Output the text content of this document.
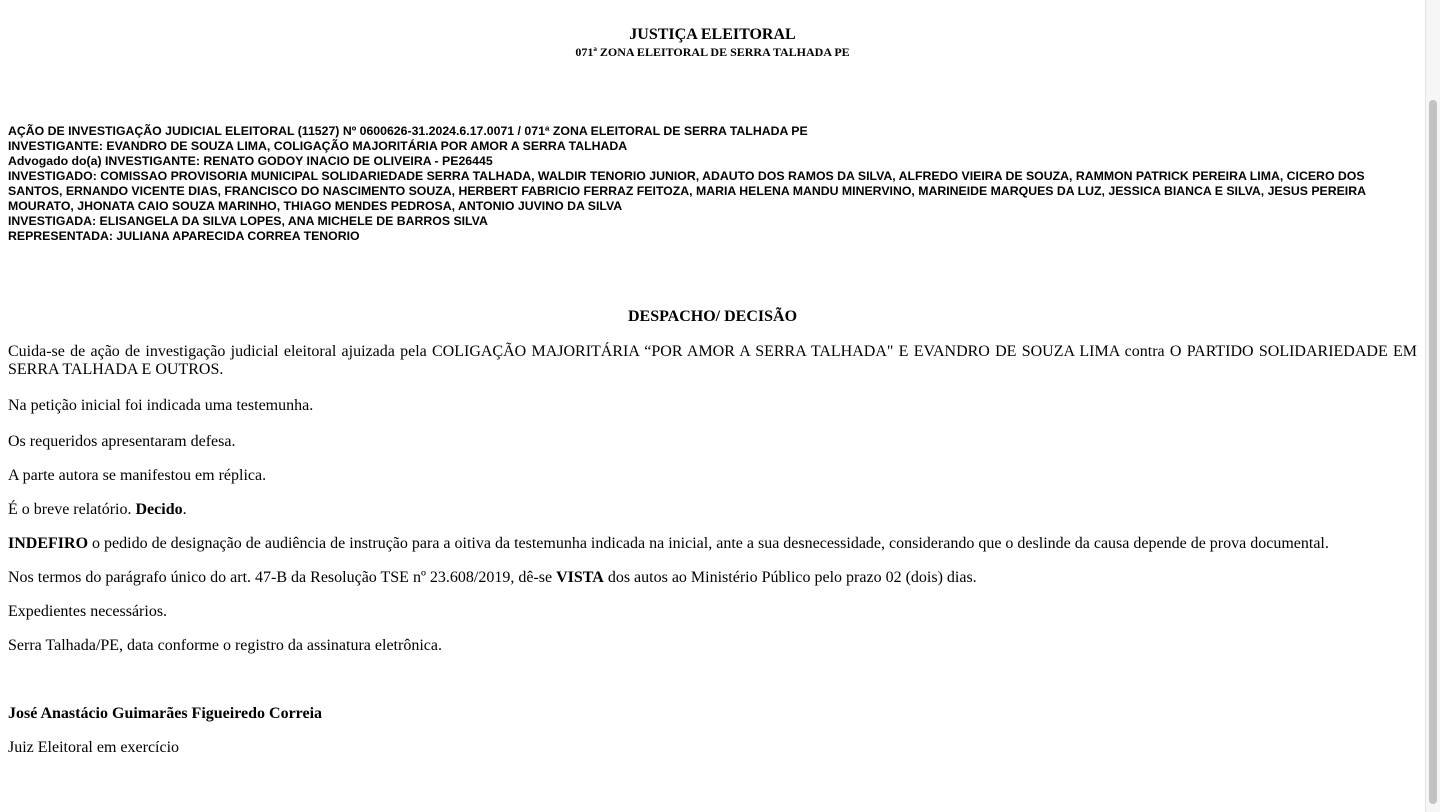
JUSTIÇA ELEITORAL
071ª ZONA ELEITORAL DE SERRA TALHADA PE
AÇÃO DE INVESTIGAÇÃO JUDICIAL ELEITORAL (11527) Nº 0600626-31.2024.6.17.0071 / 071ª ZONA ELEITORAL DE SERRA TALHADA PE
INVESTIGANTE: EVANDRO DE SOUZA LIMA, COLIGAÇÃO MAJORITÁRIA POR AMOR A SERRA TALHADA
Advogado do(a) INVESTIGANTE: RENATO GODOY INACIO DE OLIVEIRA - PE26445
INVESTIGADO: COMISSAO PROVISORIA MUNICIPAL SOLIDARIEDADE SERRA TALHADA, WALDIR TENORIO JUNIOR, ADAUTO DOS RAMOS DA SILVA, ALFREDO VIEIRA DE SOUZA, RAMMON PATRICK PEREIRA LIMA, CICERO DOS SANTOS, ERNANDO VICENTE DIAS, FRANCISCO DO NASCIMENTO SOUZA, HERBERT FABRICIO FERRAZ FEITOZA, MARIA HELENA MANDU MINERVINO, MARINEIDE MARQUES DA LUZ, JESSICA BIANCA E SILVA, JESUS PEREIRA MOURATO, JHONATA CAIO SOUZA MARINHO, THIAGO MENDES PEDROSA, ANTONIO JUVINO DA SILVA
INVESTIGADA: ELISANGELA DA SILVA LOPES, ANA MICHELE DE BARROS SILVA
REPRESENTADA: JULIANA APARECIDA CORREA TENORIO
DESPACHO/ DECISÃO

Cuida-se de ação de investigação judicial eleitoral ajuizada pela COLIGAÇÃO MAJORITÁRIA “POR AMOR A SERRA TALHADA" E EVANDRO DE SOUZA LIMA contra O PARTIDO SOLIDARIEDADE EM SERRA TALHADA E OUTROS.

Na petição inicial foi indicada uma testemunha.

Os requeridos apresentaram defesa.

A parte autora se manifestou em réplica.

É o breve relatório. Decido.

INDEFIRO o pedido de designação de audiência de instrução para a oitiva da testemunha indicada na inicial, ante a sua desnecessidade, considerando que o deslinde da causa depende de prova documental.

Nos termos do parágrafo único do art. 47-B da Resolução TSE nº 23.608/2019, dê-se VISTA dos autos ao Ministério Público pelo prazo 02 (dois) dias.

Expedientes necessários.

Serra Talhada/PE, data conforme o registro da assinatura eletrônica.

José Anastácio Guimarães Figueiredo Correia

Juiz Eleitoral em exercício
